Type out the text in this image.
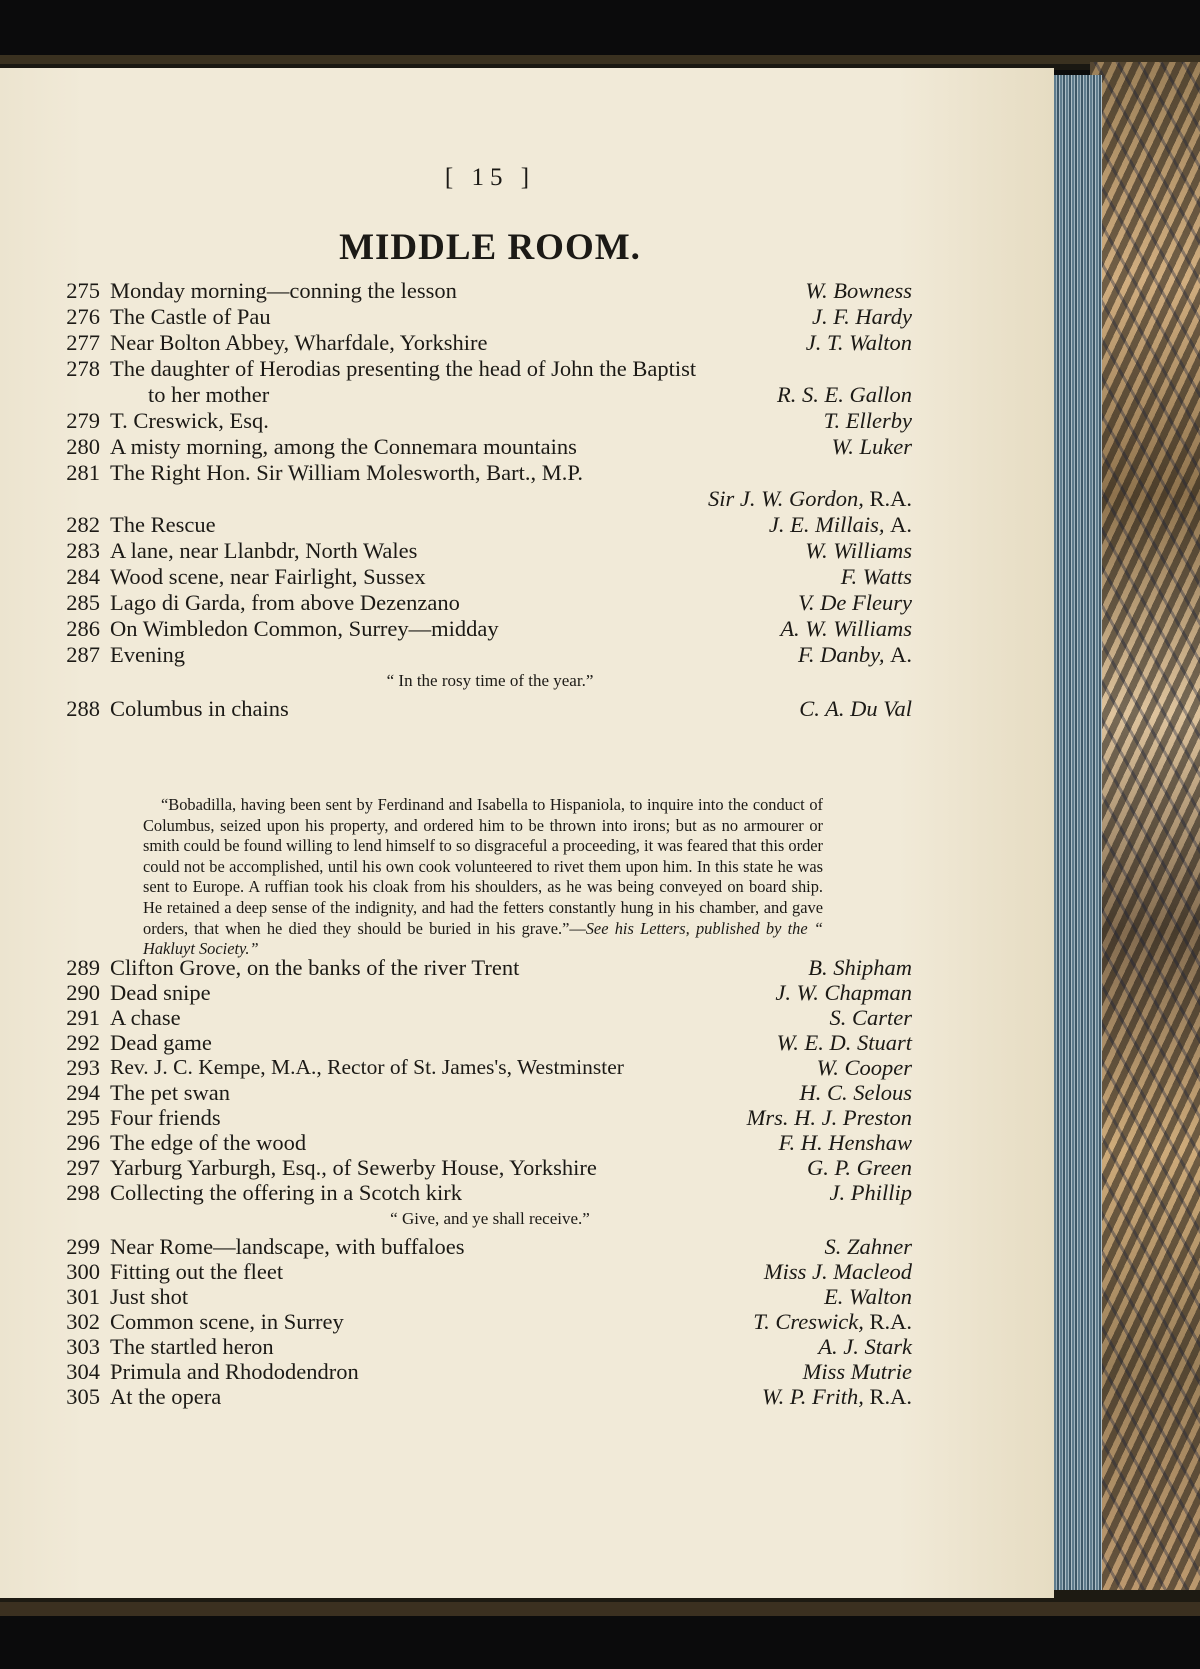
[ 15 ]
MIDDLE ROOM.
275 Monday morning—conning the lesson	W. Bowness
276 The Castle of Pau	J. F. Hardy
277 Near Bolton Abbey, Wharfdale, Yorkshire	J. T. Walton
278 The daughter of Herodias presenting the head of John the Baptist
to her mother	R. S. E. Gallon
279 T. Creswick, Esq.	T. Ellerby
280 A misty morning, among the Connemara mountains	W. Luker
281 The Right Hon. Sir William Molesworth, Bart., M.P.
Sir J. W. Gordon, R.A.
282 The Rescue	J. E. Millais, A.
283 A lane, near Llanbdr, North Wales	W. Williams
284 Wood scene, near Fairlight, Sussex	F. Watts
285 Lago di Garda, from above Dezenzano	V. De Fleury
286 On Wimbledon Common, Surrey—midday	A. W. Williams
287 Evening	F. Danby, A.
“ In the rosy time of the year.”
288 Columbus in chains	C. A. Du Val
“Bobadilla, having been sent by Ferdinand and Isabella to Hispaniola, to inquire into the conduct of Columbus, seized upon his property, and ordered him to be thrown into irons; but as no armourer or smith could be found willing to lend himself to so disgraceful a proceeding, it was feared that this order could not be accomplished, until his own cook volunteered to rivet them upon him. In this state he was sent to Europe. A ruffian took his cloak from his shoulders, as he was being conveyed on board ship. He retained a deep sense of the indignity, and had the fetters constantly hung in his chamber, and gave orders, that when he died they should be buried in his grave.”—See his Letters, published by the “ Hakluyt Society.”
289 Clifton Grove, on the banks of the river Trent	B. Shipham
290 Dead snipe	J. W. Chapman
291 A chase	S. Carter
292 Dead game	W. E. D. Stuart
293 Rev. J. C. Kempe, M.A., Rector of St. James's, Westminster	W. Cooper
294 The pet swan	H. C. Selous
295 Four friends	Mrs. H. J. Preston
296 The edge of the wood	F. H. Henshaw
297 Yarburg Yarburgh, Esq., of Sewerby House, Yorkshire	G. P. Green
298 Collecting the offering in a Scotch kirk	J. Phillip
“ Give, and ye shall receive.”
299 Near Rome—landscape, with buffaloes	S. Zahner
300 Fitting out the fleet	Miss J. Macleod
301 Just shot	E. Walton
302 Common scene, in Surrey	T. Creswick, R.A.
303 The startled heron	A. J. Stark
304 Primula and Rhododendron	Miss Mutrie
305 At the opera	W. P. Frith, R.A.
